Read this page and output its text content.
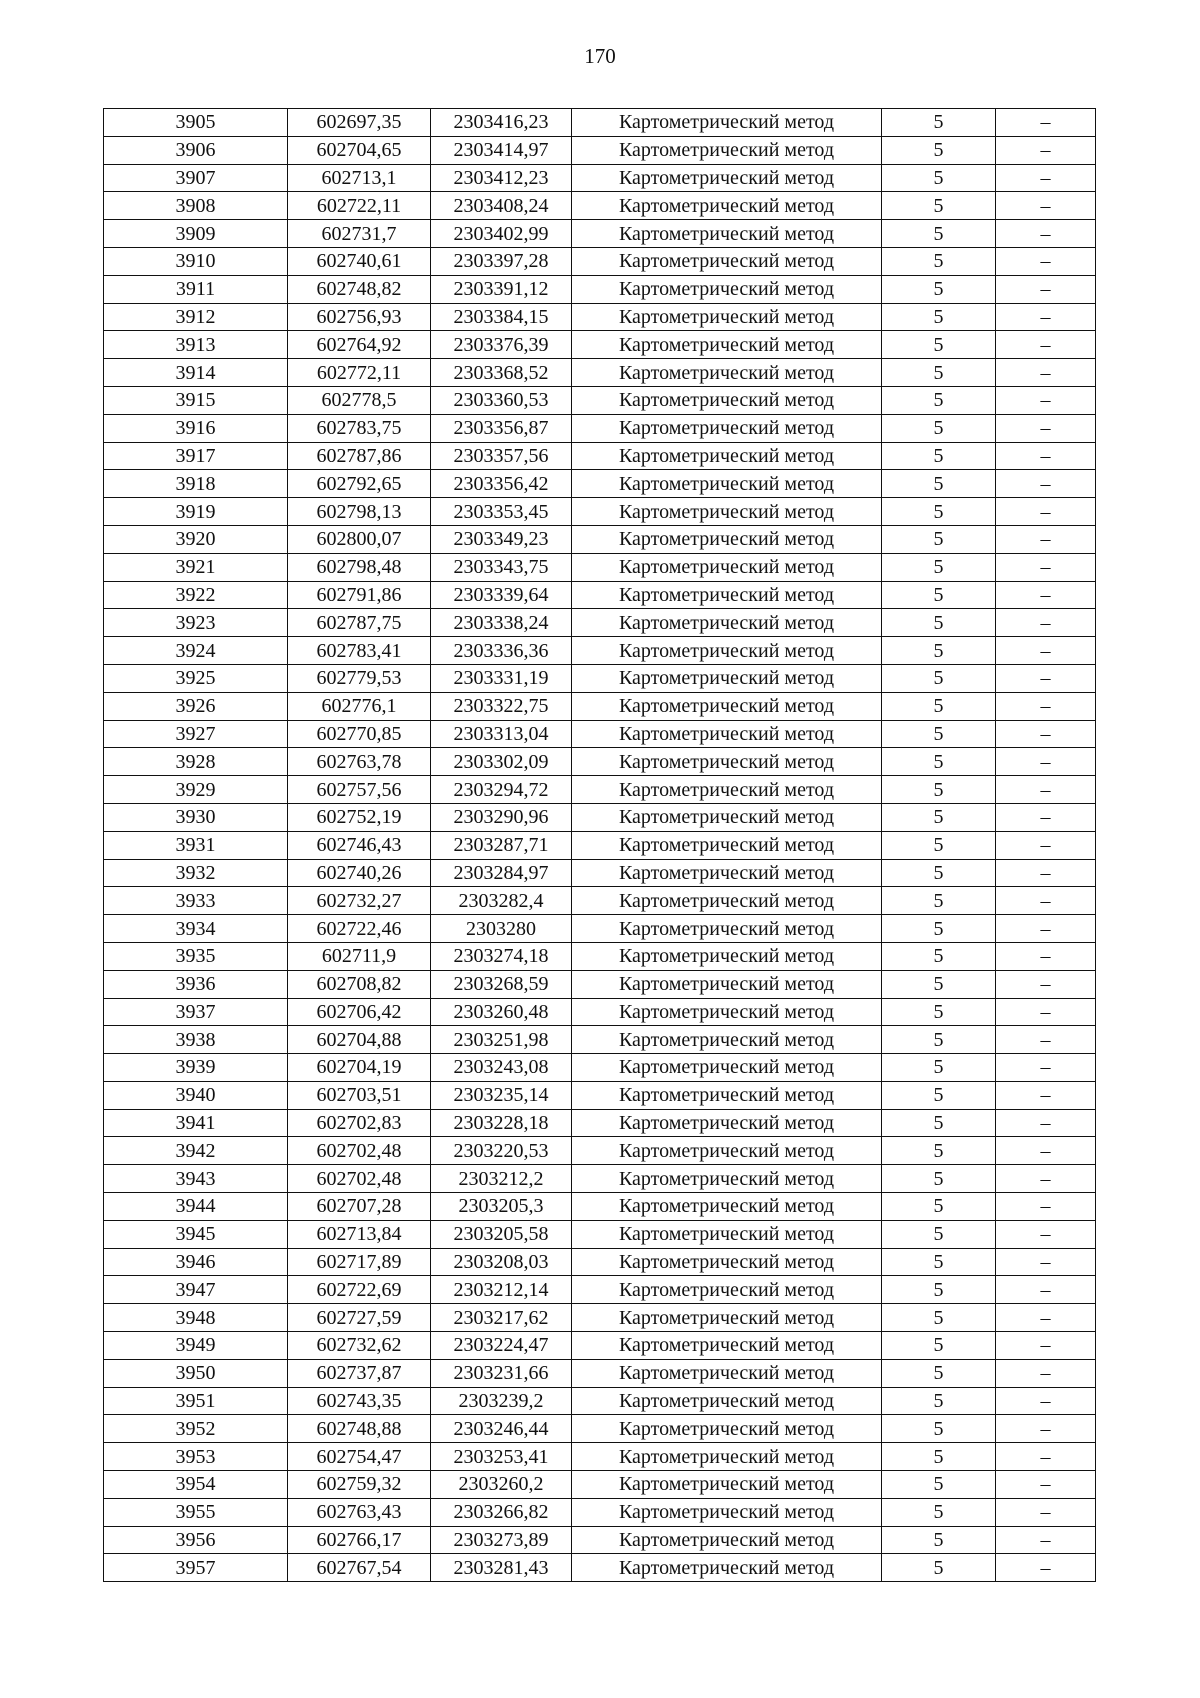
170
3905	602697,35	2303416,23	Картометрический метод	5	–
3906	602704,65	2303414,97	Картометрический метод	5	–
3907	602713,1	2303412,23	Картометрический метод	5	–
3908	602722,11	2303408,24	Картометрический метод	5	–
3909	602731,7	2303402,99	Картометрический метод	5	–
3910	602740,61	2303397,28	Картометрический метод	5	–
3911	602748,82	2303391,12	Картометрический метод	5	–
3912	602756,93	2303384,15	Картометрический метод	5	–
3913	602764,92	2303376,39	Картометрический метод	5	–
3914	602772,11	2303368,52	Картометрический метод	5	–
3915	602778,5	2303360,53	Картометрический метод	5	–
3916	602783,75	2303356,87	Картометрический метод	5	–
3917	602787,86	2303357,56	Картометрический метод	5	–
3918	602792,65	2303356,42	Картометрический метод	5	–
3919	602798,13	2303353,45	Картометрический метод	5	–
3920	602800,07	2303349,23	Картометрический метод	5	–
3921	602798,48	2303343,75	Картометрический метод	5	–
3922	602791,86	2303339,64	Картометрический метод	5	–
3923	602787,75	2303338,24	Картометрический метод	5	–
3924	602783,41	2303336,36	Картометрический метод	5	–
3925	602779,53	2303331,19	Картометрический метод	5	–
3926	602776,1	2303322,75	Картометрический метод	5	–
3927	602770,85	2303313,04	Картометрический метод	5	–
3928	602763,78	2303302,09	Картометрический метод	5	–
3929	602757,56	2303294,72	Картометрический метод	5	–
3930	602752,19	2303290,96	Картометрический метод	5	–
3931	602746,43	2303287,71	Картометрический метод	5	–
3932	602740,26	2303284,97	Картометрический метод	5	–
3933	602732,27	2303282,4	Картометрический метод	5	–
3934	602722,46	2303280	Картометрический метод	5	–
3935	602711,9	2303274,18	Картометрический метод	5	–
3936	602708,82	2303268,59	Картометрический метод	5	–
3937	602706,42	2303260,48	Картометрический метод	5	–
3938	602704,88	2303251,98	Картометрический метод	5	–
3939	602704,19	2303243,08	Картометрический метод	5	–
3940	602703,51	2303235,14	Картометрический метод	5	–
3941	602702,83	2303228,18	Картометрический метод	5	–
3942	602702,48	2303220,53	Картометрический метод	5	–
3943	602702,48	2303212,2	Картометрический метод	5	–
3944	602707,28	2303205,3	Картометрический метод	5	–
3945	602713,84	2303205,58	Картометрический метод	5	–
3946	602717,89	2303208,03	Картометрический метод	5	–
3947	602722,69	2303212,14	Картометрический метод	5	–
3948	602727,59	2303217,62	Картометрический метод	5	–
3949	602732,62	2303224,47	Картометрический метод	5	–
3950	602737,87	2303231,66	Картометрический метод	5	–
3951	602743,35	2303239,2	Картометрический метод	5	–
3952	602748,88	2303246,44	Картометрический метод	5	–
3953	602754,47	2303253,41	Картометрический метод	5	–
3954	602759,32	2303260,2	Картометрический метод	5	–
3955	602763,43	2303266,82	Картометрический метод	5	–
3956	602766,17	2303273,89	Картометрический метод	5	–
3957	602767,54	2303281,43	Картометрический метод	5	–
